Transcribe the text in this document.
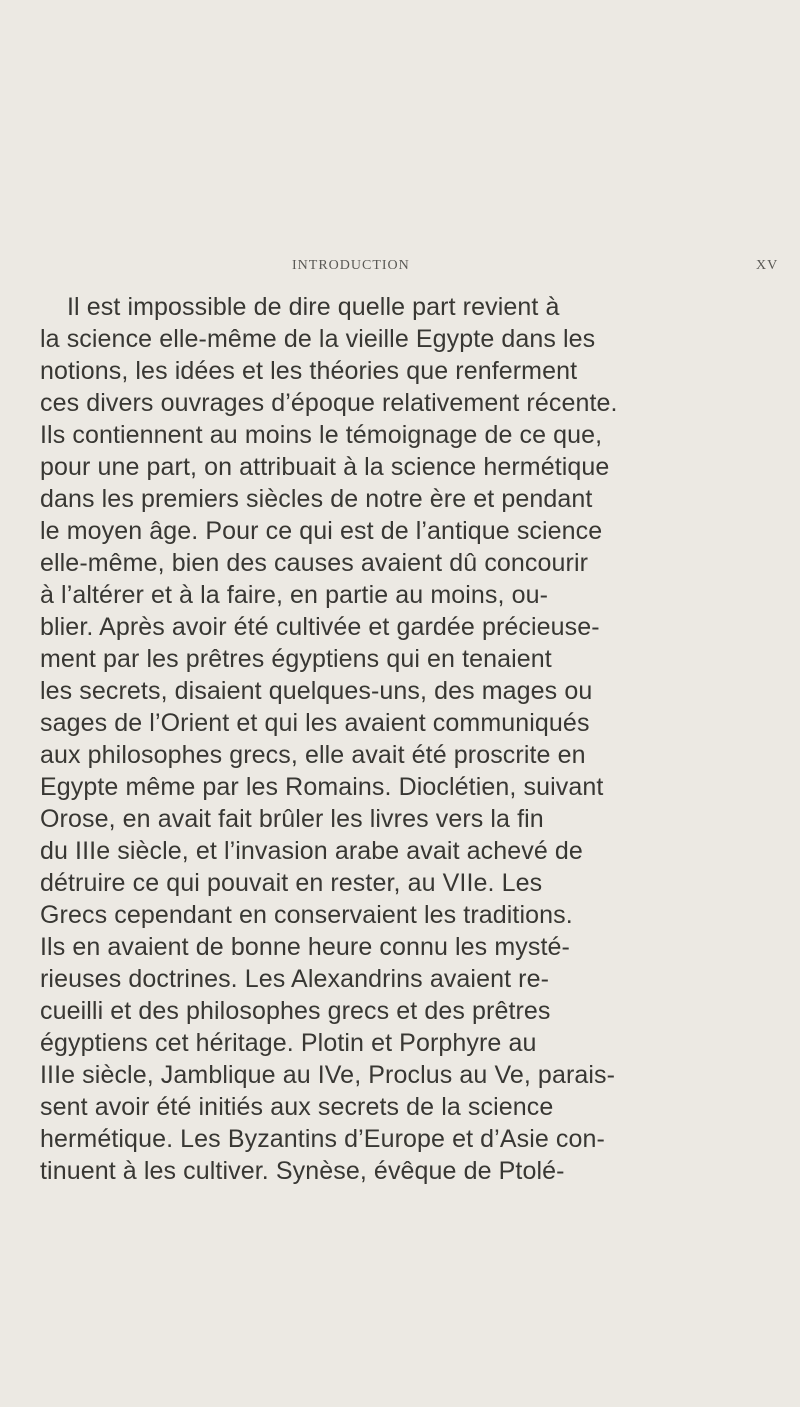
INTRODUCTION	XV
Il est impossible de dire quelle part revient à
la science elle-même de la vieille Egypte dans les
notions, les idées et les théories que renferment
ces divers ouvrages d’époque relativement récente.
Ils contiennent au moins le témoignage de ce que,
pour une part, on attribuait à la science hermétique
dans les premiers siècles de notre ère et pendant
le moyen âge. Pour ce qui est de l’antique science
elle-même, bien des causes avaient dû concourir
à l’altérer et à la faire, en partie au moins, ou-
blier. Après avoir été cultivée et gardée précieuse-
ment par les prêtres égyptiens qui en tenaient
les secrets, disaient quelques-uns, des mages ou
sages de l’Orient et qui les avaient communiqués
aux philosophes grecs, elle avait été proscrite en
Egypte même par les Romains. Dioclétien, suivant
Orose, en avait fait brûler les livres vers la fin
du IIIe siècle, et l’invasion arabe avait achevé de
détruire ce qui pouvait en rester, au VIIe. Les
Grecs cependant en conservaient les traditions.
Ils en avaient de bonne heure connu les mysté-
rieuses doctrines. Les Alexandrins avaient re-
cueilli et des philosophes grecs et des prêtres
égyptiens cet héritage. Plotin et Porphyre au
IIIe siècle, Jamblique au IVe, Proclus au Ve, parais-
sent avoir été initiés aux secrets de la science
hermétique. Les Byzantins d’Europe et d’Asie con-
tinuent à les cultiver. Synèse, évêque de Ptolé-
